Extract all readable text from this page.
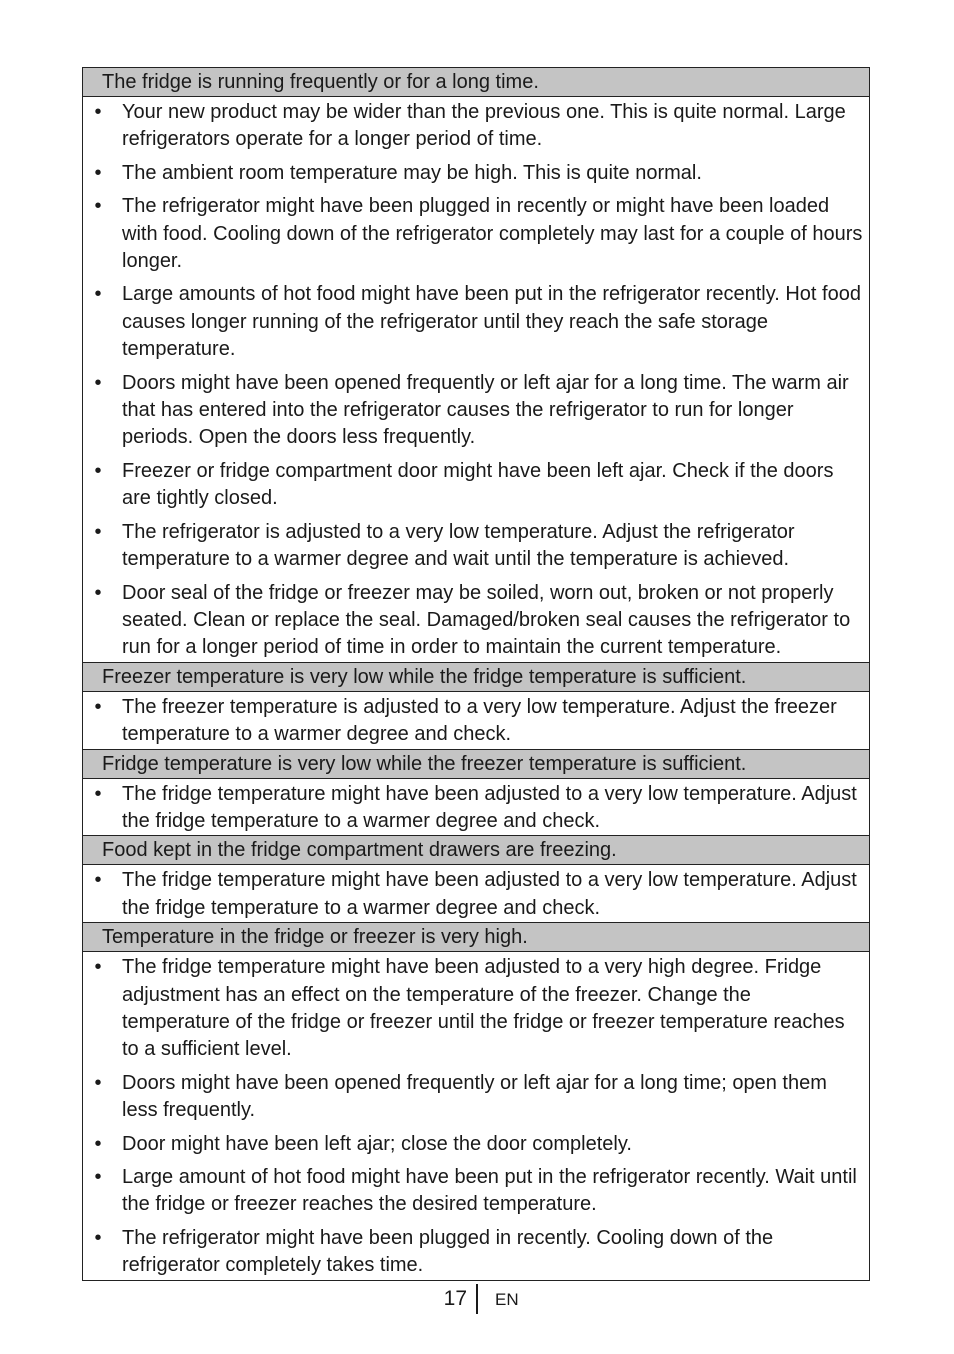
The fridge is running frequently or for a long time.
• Your new product may be wider than the previous one. This is quite normal. Large refrigerators operate for a longer period of time.
• The ambient room temperature may be high. This is quite normal.
• The refrigerator might have been plugged in recently or might have been loaded with food. Cooling down of the refrigerator completely may last for a couple of hours longer.
• Large amounts of hot food might have been put in the refrigerator recently. Hot food causes longer running of the refrigerator until they reach the safe storage temperature.
• Doors might have been opened frequently or left ajar for a long time. The warm air that has entered into the refrigerator causes the refrigerator to run for longer periods. Open the doors less frequently.
• Freezer or fridge compartment door might have been left ajar. Check if the doors are tightly closed.
• The refrigerator is adjusted to a very low temperature. Adjust the refrigerator temperature to a warmer degree and wait until the temperature is achieved.
• Door seal of the fridge or freezer may be soiled, worn out, broken or not properly seated. Clean or replace the seal. Damaged/broken seal causes the refrigerator to run for a longer period of time in order to maintain the current temperature.
Freezer temperature is very low while the fridge temperature is sufficient.
• The freezer temperature is adjusted to a very low temperature. Adjust the freezer temperature to a warmer degree and check.
Fridge temperature is very low while the freezer temperature is sufficient.
• The fridge temperature might have been adjusted to a very low temperature. Adjust the fridge temperature to a warmer degree and check.
Food kept in the fridge compartment drawers are freezing.
• The fridge temperature might have been adjusted to a very low temperature. Adjust the fridge temperature to a warmer degree and check.
Temperature in the fridge or freezer is very high.
• The fridge temperature might have been adjusted to a very high degree. Fridge adjustment has an effect on the temperature of the freezer. Change the temperature of the fridge or freezer until the fridge or freezer temperature reaches to a sufficient level.
• Doors might have been opened frequently or left ajar for a long time; open them less frequently.
• Door might have been left ajar; close the door completely.
• Large amount of hot food might have been put in the refrigerator recently. Wait until the fridge or freezer reaches the desired temperature.
• The refrigerator might have been plugged in recently. Cooling down of the refrigerator completely takes time.
17 EN
